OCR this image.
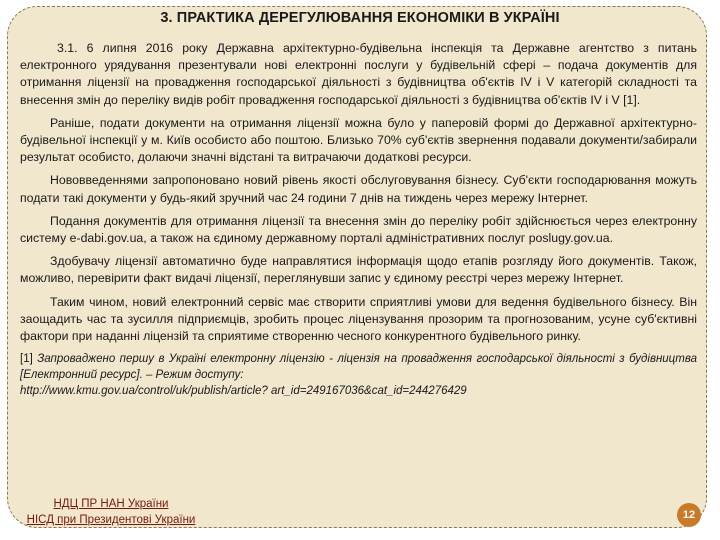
3. ПРАКТИКА ДЕРЕГУЛЮВАННЯ ЕКОНОМІКИ В УКРАЇНІ

3.1. 6 липня 2016 року Державна архітектурно-будівельна інспекція та Державне агентство з питань електронного урядування презентували нові електронні послуги у будівельній сфері – подача документів для отримання ліцензії на провадження господарської діяльності з будівництва об'єктів IV і V категорій складності та внесення змін до переліку видів робіт провадження господарської діяльності з будівництва об'єктів IV і V [1].

Раніше, подати документи на отримання ліцензії можна було у паперовій формі до Державної архітектурно-будівельної інспекції у м. Київ особисто або поштою. Близько 70% суб'єктів звернення подавали документи/забирали результат особисто, долаючи значні відстані та витрачаючи додаткові ресурси.

Нововведеннями запропоновано новий рівень якості обслуговування бізнесу. Суб'єкти господарювання можуть подати такі документи у будь-який зручний час 24 години 7 днів на тиждень через мережу Інтернет.

Подання документів для отримання ліцензії та внесення змін до переліку робіт здійснюється через електронну систему e-dabi.gov.ua, а також на єдиному державному порталі адміністративних послуг poslugy.gov.ua.

Здобувачу ліцензії автоматично буде направлятися інформація щодо етапів розгляду його документів. Також, можливо, перевірити факт видачі ліцензії, переглянувши запис у єдиному реєстрі через мережу Інтернет.

Таким чином, новий електронний сервіс має створити сприятливі умови для ведення будівельного бізнесу. Він заощадить час та зусилля підприємців, зробить процес ліцензування прозорим та прогнозованим, усуне суб'єктивні фактори при наданні ліцензій та сприятиме створенню чесного конкурентного будівельного ринку.

[1] Запроваджено першу в Україні електронну ліцензію - ліцензія на провадження господарської діяльності з будівництва [Електронний ресурс]. – Режим доступу:
http://www.kmu.gov.ua/control/uk/publish/article? art_id=249167036&cat_id=244276429

НДЦ ПР НАН України
НІСД при Президентові України	12
